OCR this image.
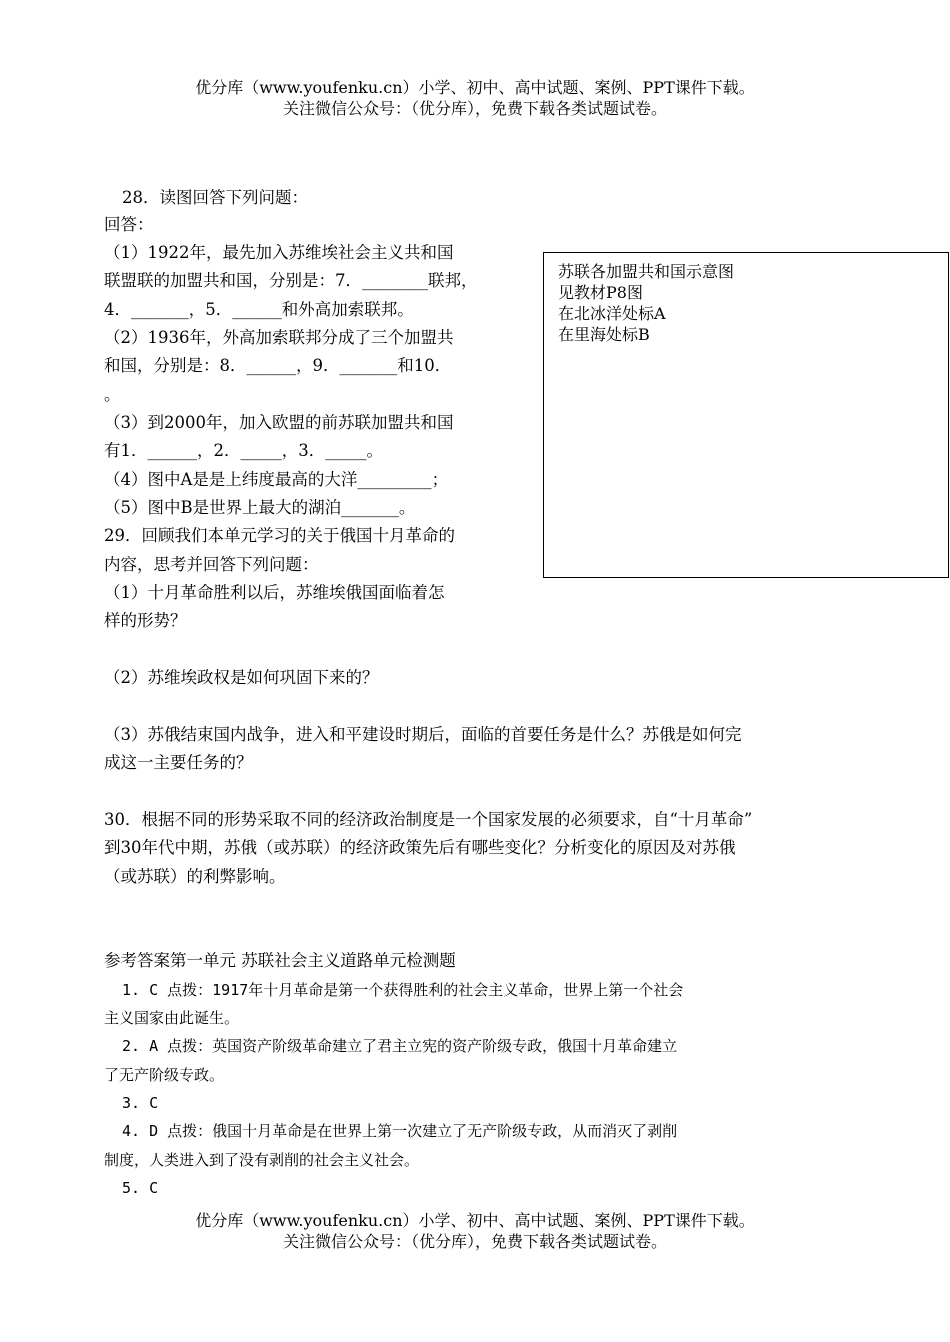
优分库（www.youfenku.cn）小学、初中、高中试题、案例、PPT课件下载。
关注微信公众号：（优分库），免费下载各类试题试卷。
28．读图回答下列问题：
回答：
（1）1922年，最先加入苏维埃社会主义共和国
联盟联的加盟共和国，分别是：7．________联邦，
4．_______，5．______和外高加索联邦。
（2）1936年，外高加索联邦分成了三个加盟共
和国，分别是：8．______，9．_______和10．
。
（3）到2000年，加入欧盟的前苏联加盟共和国
有1．______，2．_____，3．_____。
（4）图中A是是上纬度最高的大洋_________；
（5）图中B是世界上最大的湖泊_______。
苏联各加盟共和国示意图
见教材P8图
在北冰洋处标A
在里海处标B
29．回顾我们本单元学习的关于俄国十月革命的
内容，思考并回答下列问题：
（1）十月革命胜利以后，苏维埃俄国面临着怎
样的形势？
（2）苏维埃政权是如何巩固下来的？
（3）苏俄结束国内战争，进入和平建设时期后，面临的首要任务是什么？苏俄是如何完
成这一主要任务的？
30．根据不同的形势采取不同的经济政治制度是一个国家发展的必须要求，自“十月革命”
到30年代中期，苏俄（或苏联）的经济政策先后有哪些变化？分析变化的原因及对苏俄
（或苏联）的利弊影响。
参考答案第一单元 苏联社会主义道路单元检测题
1. C 点拨：1917年十月革命是第一个获得胜利的社会主义革命，世界上第一个社会
主义国家由此诞生。
2. A 点拨：英国资产阶级革命建立了君主立宪的资产阶级专政，俄国十月革命建立
了无产阶级专政。
3. C
4. D 点拨：俄国十月革命是在世界上第一次建立了无产阶级专政，从而消灭了剥削
制度，人类进入到了没有剥削的社会主义社会。
5. C
优分库（www.youfenku.cn）小学、初中、高中试题、案例、PPT课件下载。
关注微信公众号：（优分库），免费下载各类试题试卷。
